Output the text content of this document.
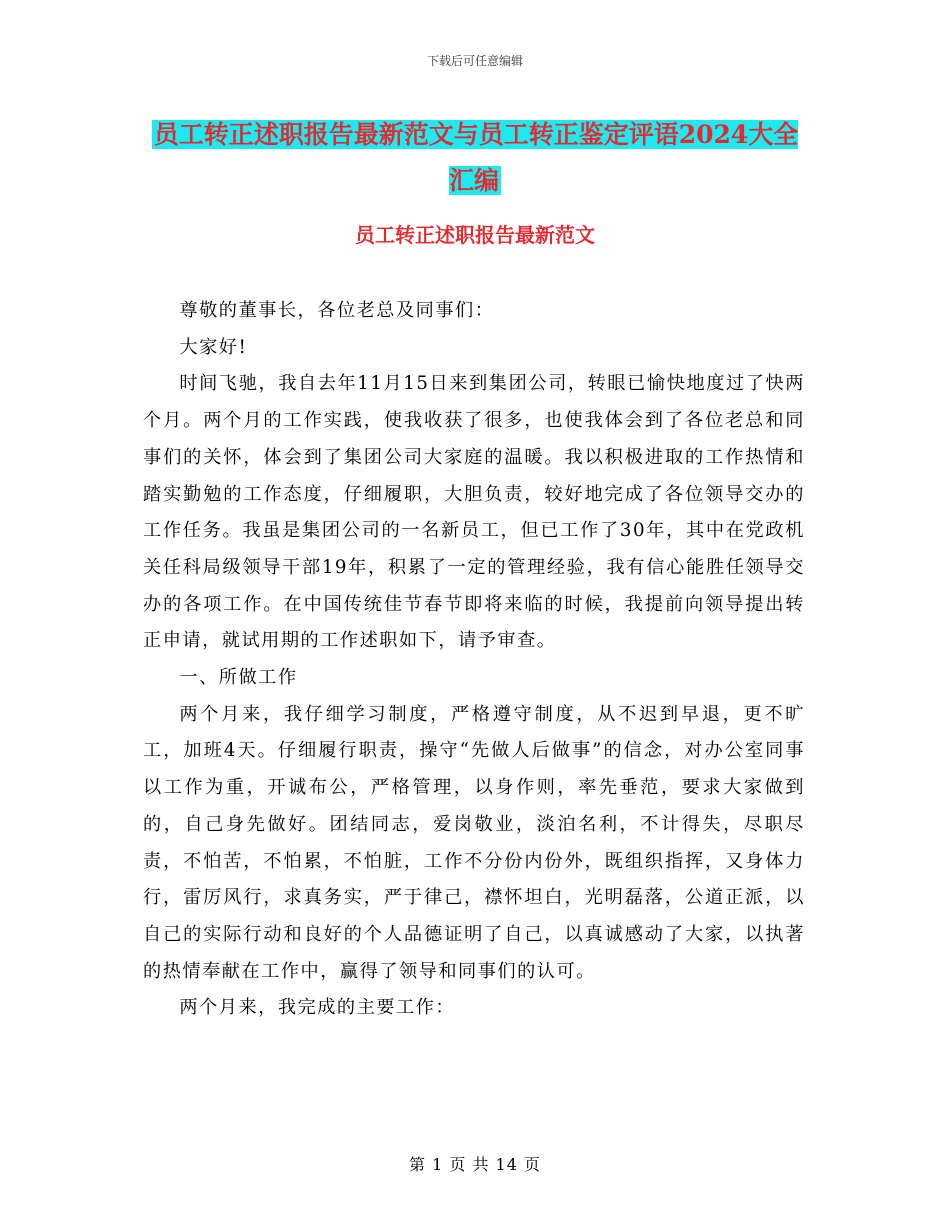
下载后可任意编辑
员工转正述职报告最新范文与员工转正鉴定评语2024大全汇编
员工转正述职报告最新范文

尊敬的董事长，各位老总及同事们：

大家好!

时间飞驰，我自去年11月15日来到集团公司，转眼已愉快地度过了快两个月。两个月的工作实践，使我收获了很多，也使我体会到了各位老总和同事们的关怀，体会到了集团公司大家庭的温暖。我以积极进取的工作热情和踏实勤勉的工作态度，仔细履职，大胆负责，较好地完成了各位领导交办的工作任务。我虽是集团公司的一名新员工，但已工作了30年，其中在党政机关任科局级领导干部19年，积累了一定的管理经验，我有信心能胜任领导交办的各项工作。在中国传统佳节春节即将来临的时候，我提前向领导提出转正申请，就试用期的工作述职如下，请予审查。

一、所做工作

两个月来，我仔细学习制度，严格遵守制度，从不迟到早退，更不旷工，加班4天。仔细履行职责，操守“先做人后做事”的信念，对办公室同事以工作为重，开诚布公，严格管理，以身作则，率先垂范，要求大家做到的，自己身先做好。团结同志，爱岗敬业，淡泊名利，不计得失，尽职尽责，不怕苦，不怕累，不怕脏，工作不分份内份外，既组织指挥，又身体力行，雷厉风行，求真务实，严于律己，襟怀坦白，光明磊落，公道正派，以自己的实际行动和良好的个人品德证明了自己，以真诚感动了大家，以执著的热情奉献在工作中，赢得了领导和同事们的认可。

两个月来，我完成的主要工作：

第 1 页 共 14 页
